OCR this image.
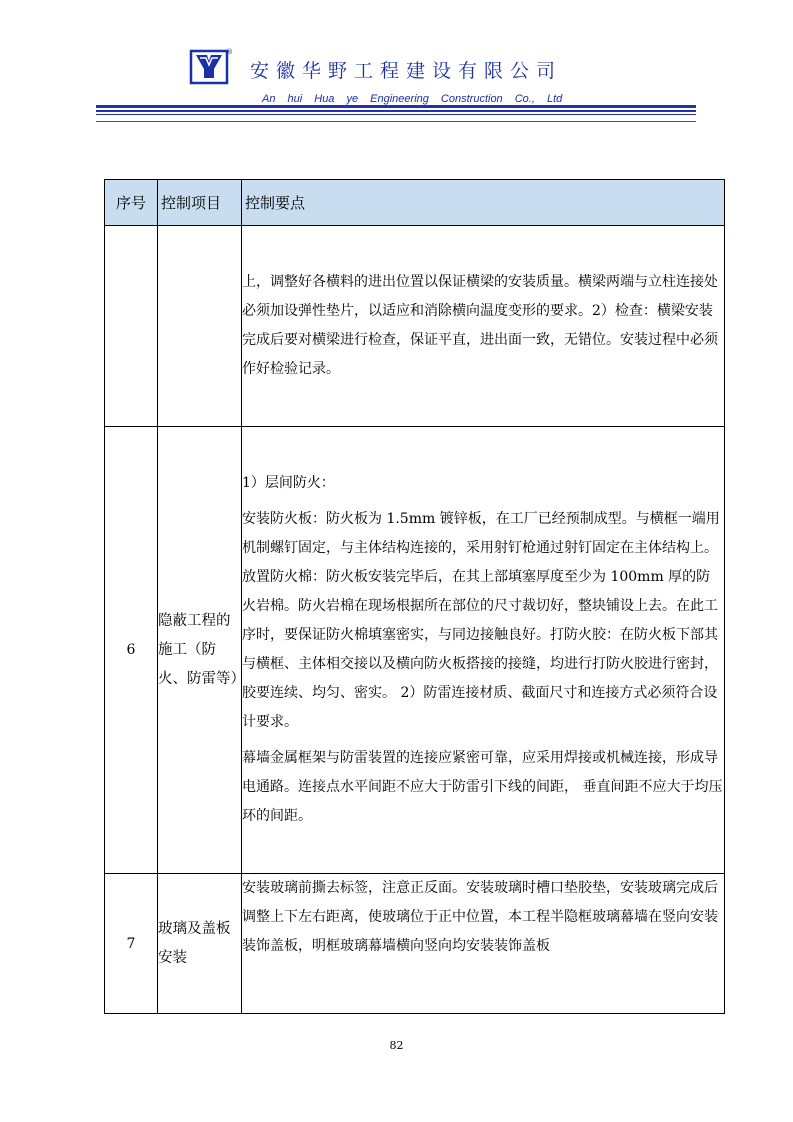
®
安徽华野工程建设有限公司
An hui Hua ye Engineering Construction Co., Ltd
序号	控制项目	控制要点

		上，调整好各横料的进出位置以保证横梁的安装质量。横梁两端与立柱连接处必须加设弹性垫片，以适应和消除横向温度变形的要求。2）检查：横梁安装完成后要对横梁进行检查，保证平直，进出面一致，无错位。安装过程中必须作好检验记录。

6	隐蔽工程的施工（防火、防雷等）	1）层间防火：

安装防火板：防火板为 1.5mm 镀锌板，在工厂已经预制成型。与横框一端用机制螺钉固定，与主体结构连接的，采用射钉枪通过射钉固定在主体结构上。

放置防火棉：防火板安装完毕后，在其上部填塞厚度至少为 100mm 厚的防火岩棉。防火岩棉在现场根据所在部位的尺寸裁切好，整块铺设上去。在此工序时，要保证防火棉填塞密实，与同边接触良好。打防火胶：在防火板下部其与横框、主体相交接以及横向防火板搭接的接缝，均进行打防火胶进行密封，胶要连续、均匀、密实。 2）防雷连接材质、截面尺寸和连接方式必须符合设计要求。

幕墙金属框架与防雷装置的连接应紧密可靠，应采用焊接或机械连接，形成导电通路。连接点水平间距不应大于防雷引下线的间距， 垂直间距不应大于均压环的间距。

7	玻璃及盖板安装	安装玻璃前撕去标签，注意正反面。安装玻璃时槽口垫胶垫，安装玻璃完成后调整上下左右距离，使玻璃位于正中位置，本工程半隐框玻璃幕墙在竖向安装装饰盖板，明框玻璃幕墙横向竖向均安装装饰盖板

82
